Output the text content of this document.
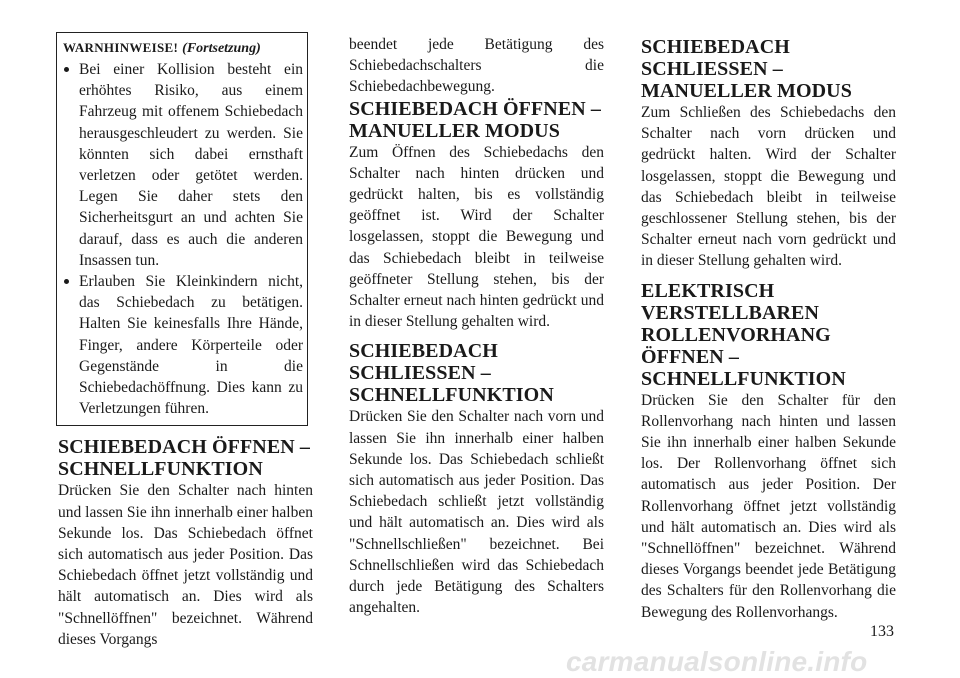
WARNHINWEISE! (Fortsetzung)
Bei einer Kollision besteht ein erhöhtes Risiko, aus einem Fahrzeug mit offenem Schiebedach herausgeschleudert zu werden. Sie könnten sich dabei ernsthaft verletzen oder getötet werden. Legen Sie daher stets den Sicherheitsgurt an und achten Sie darauf, dass es auch die anderen Insassen tun.
Erlauben Sie Kleinkindern nicht, das Schiebedach zu betätigen. Halten Sie keinesfalls Ihre Hände, Finger, andere Körperteile oder Gegenstände in die Schiebedachöffnung. Dies kann zu Verletzungen führen.
SCHIEBEDACH ÖFFNEN – SCHNELLFUNKTION

Drücken Sie den Schalter nach hinten und lassen Sie ihn innerhalb einer halben Sekunde los. Das Schiebedach öffnet sich automatisch aus jeder Position. Das Schiebedach öffnet jetzt vollständig und hält automatisch an. Dies wird als "Schnellöffnen" bezeichnet. Während dieses Vorgangs

beendet jede Betätigung des Schiebedachschalters die Schiebedachbewegung.

SCHIEBEDACH ÖFFNEN – MANUELLER MODUS

Zum Öffnen des Schiebedachs den Schalter nach hinten drücken und gedrückt halten, bis es vollständig geöffnet ist. Wird der Schalter losgelassen, stoppt die Bewegung und das Schiebedach bleibt in teilweise geöffneter Stellung stehen, bis der Schalter erneut nach hinten gedrückt und in dieser Stellung gehalten wird.

SCHIEBEDACH SCHLIESSEN – SCHNELLFUNKTION

Drücken Sie den Schalter nach vorn und lassen Sie ihn innerhalb einer halben Sekunde los. Das Schiebedach schließt sich automatisch aus jeder Position. Das Schiebedach schließt jetzt vollständig und hält automatisch an. Dies wird als "Schnellschließen" bezeichnet. Bei Schnellschließen wird das Schiebedach durch jede Betätigung des Schalters angehalten.

SCHIEBEDACH SCHLIESSEN – MANUELLER MODUS

Zum Schließen des Schiebedachs den Schalter nach vorn drücken und gedrückt halten. Wird der Schalter losgelassen, stoppt die Bewegung und das Schiebedach bleibt in teilweise geschlossener Stellung stehen, bis der Schalter erneut nach vorn gedrückt und in dieser Stellung gehalten wird.

ELEKTRISCH VERSTELLBAREN ROLLENVORHANG ÖFFNEN – SCHNELLFUNKTION

Drücken Sie den Schalter für den Rollenvorhang nach hinten und lassen Sie ihn innerhalb einer halben Sekunde los. Der Rollenvorhang öffnet sich automatisch aus jeder Position. Der Rollenvorhang öffnet jetzt vollständig und hält automatisch an. Dies wird als "Schnellöffnen" bezeichnet. Während dieses Vorgangs beendet jede Betätigung des Schalters für den Rollenvorhang die Bewegung des Rollenvorhangs.

133
carmanualsonline.info
